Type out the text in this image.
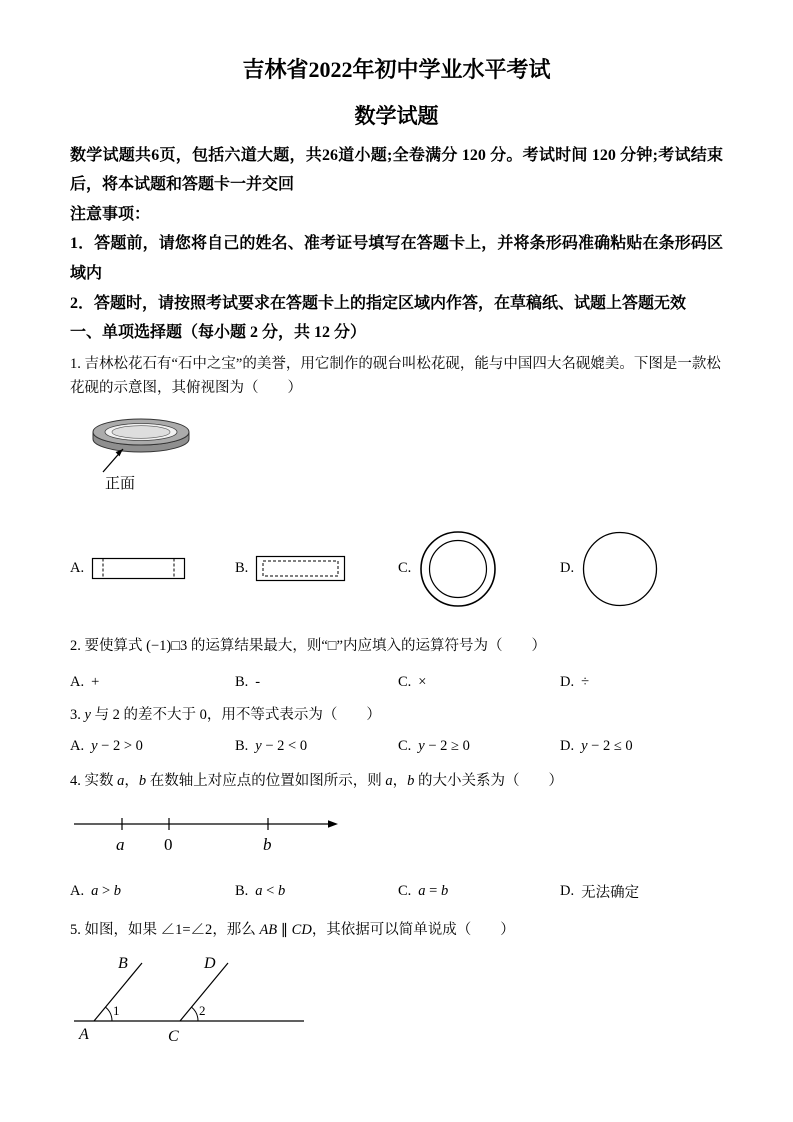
吉林省2022年初中学业水平考试
数学试题

数学试题共6页，包括六道大题，共26道小题;全卷满分 120 分。考试时间 120 分钟;考试结束后，将本试题和答题卡一并交回

注意事项：

1．答题前，请您将自己的姓名、准考证号填写在答题卡上，并将条形码准确粘贴在条形码区域内

2．答题时，请按照考试要求在答题卡上的指定区域内作答，在草稿纸、试题上答题无效

一、单项选择题（每小题 2 分，共 12 分）

1. 吉林松花石有“石中之宝”的美誉，用它制作的砚台叫松花砚，能与中国四大名砚媲美。下图是一款松花砚的示意图，其俯视图为（　　）

正面
A.	B.	C.	D.

2. 要使算式 (−1)□3 的运算结果最大，则“□”内应填入的运算符号为（　　）

A. +	B. -	C. ×	D. ÷

3. y 与 2 的差不大于 0，用不等式表示为（　　）

A. y − 2 > 0	B. y − 2 < 0	C. y − 2 ≥ 0	D. y − 2 ≤ 0

4. 实数 a，b 在数轴上对应点的位置如图所示，则 a，b 的大小关系为（　　）

a 0	b
A. a > b	B. a < b	C. a = b	D. 无法确定

5. 如图，如果 ∠1=∠2，那么 AB ∥ CD，其依据可以简单说成（　　）

B	D
A	C
1	2
